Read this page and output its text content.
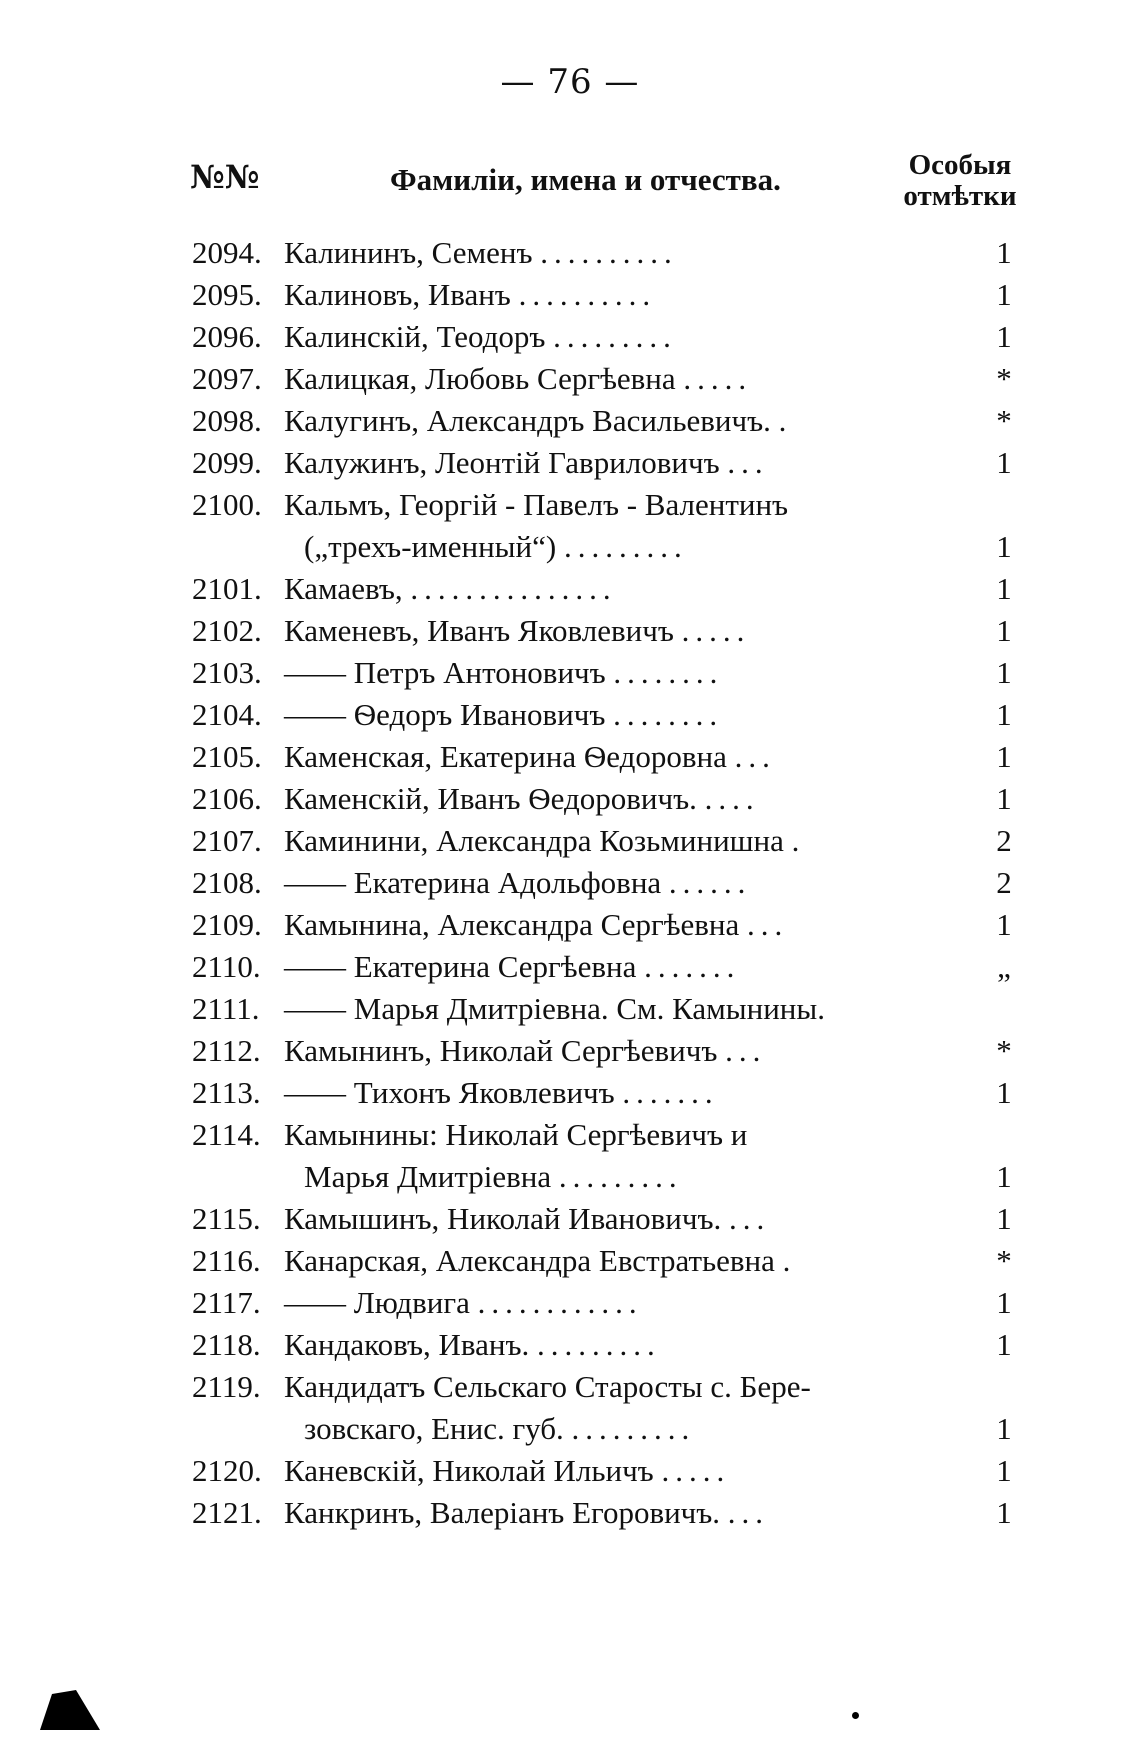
— 76 —
№№	Фамиліи, имена и отчества.	Особыя
отмѣтки
2094. Калининъ, Семенъ ..........	1
2095. Калиновъ, Иванъ ..........	1
2096. Калинскій, Теодоръ .........	1
2097. Калицкая, Любовь Сергѣевна .....	*
2098. Калугинъ, Александръ Васильевичъ. .	*
2099. Калужинъ, Леонтій Гавриловичъ ...	1
2100. Кальмъ, Георгій - Павелъ - Валентинъ
(„трехъ-именный“) .........	1
2101. Камаевъ, ...............	1
2102. Каменевъ, Иванъ Яковлевичъ .....	1
2103. —— Петръ Антоновичъ ........	1
2104. —— Ѳедоръ Ивановичъ ........	1
2105. Каменская, Екатерина Ѳедоровна ...	1
2106. Каменскій, Иванъ Ѳедоровичъ. ....	1
2107. Каминини, Александра Козьминишна .	2
2108. —— Екатерина Адольфовна ......	2
2109. Камынина, Александра Сергѣевна ...	1
2110. —— Екатерина Сергѣевна .......	„
2111. —— Марья Дмитріевна. См. Камынины.
2112. Камынинъ, Николай Сергѣевичъ ...	*
2113. —— Тихонъ Яковлевичъ .......	1
2114. Камынины: Николай Сергѣевичъ и
Марья Дмитріевна .........	1
2115. Камышинъ, Николай Ивановичъ. ...	1
2116. Канарская, Александра Евстратьевна .	*
2117. —— Людвига ............	1
2118. Кандаковъ, Иванъ. .........	1
2119. Кандидатъ Сельскаго Старосты с. Бере-
зовскаго, Енис. губ. .........	1
2120. Каневскій, Николай Ильичъ .....	1
2121. Канкринъ, Валеріанъ Егоровичъ. ...	1
